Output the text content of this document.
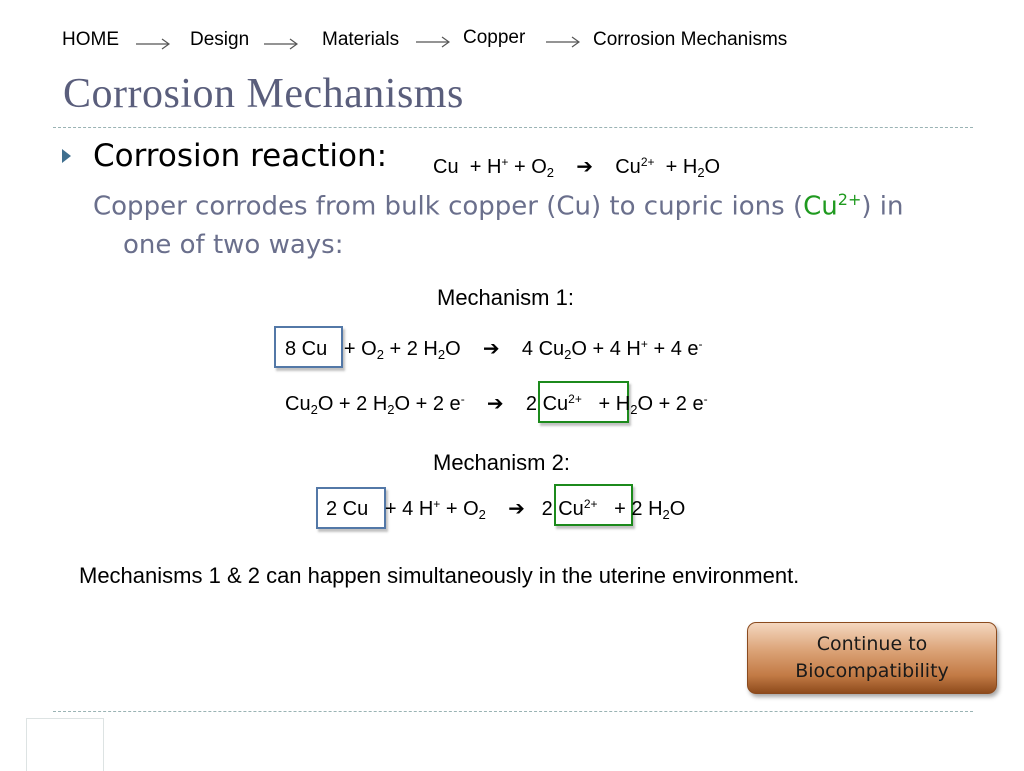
HOME	Design	Materials	Copper	Corrosion Mechanisms
Corrosion Mechanisms
Corrosion reaction: $Cu + H^+ + O_2$ ➔ $Cu^{2+} + H_2O$
Copper corrodes from bulk copper (Cu) to cupric ions $(Cu^{2+})$ in
one of two ways:
Mechanism 1:
8 $Cu + O_2 + 2$ $H_2O$ ➔ 4 $Cu_2O + 4$ H+ + 4 e-
$Cu_2O + 2$ $H_2O + 2$ e- ➔ 2 $Cu^{2+} + H_2O + 2$ e-
Mechanism 2:
2 Cu + 4 $H^+ + O_2$ ➔ 2 $Cu^{2+} + 2$ $H_2O$
Mechanisms 1 & 2 can happen simultaneously in the uterine environment.
Continue to
Biocompatibility
